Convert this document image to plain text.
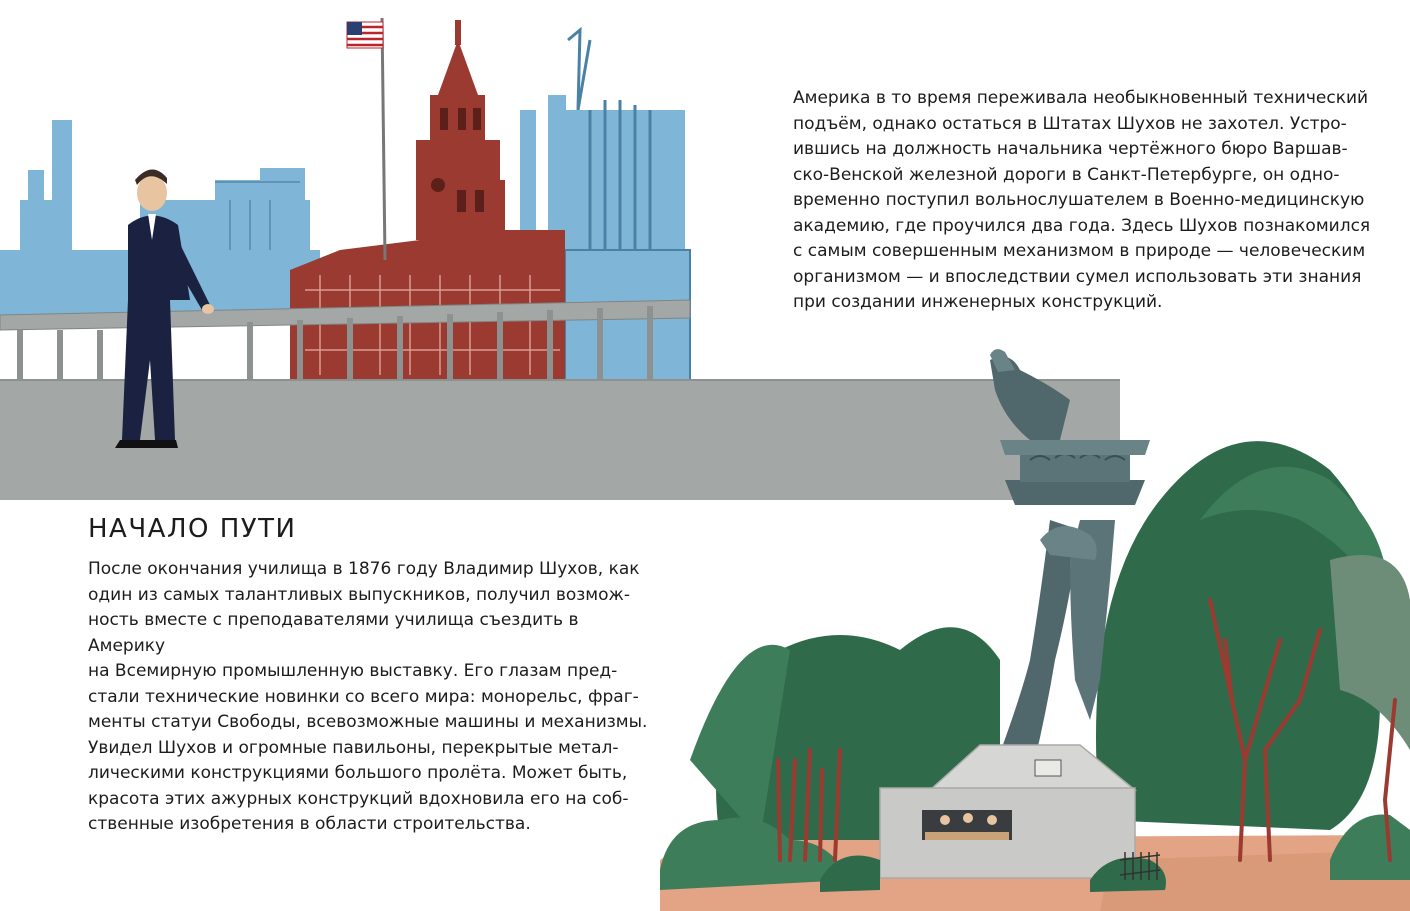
Америка в то время переживала необыкновенный технический
подъём, однако остаться в Штатах Шухов не захотел. Устро-
ившись на должность начальника чертёжного бюро Варшав-
ско-Венской железной дороги в Санкт-Петербурге, он одно-
временно поступил вольнослушателем в Военно-медицинскую
академию, где проучился два года. Здесь Шухов познакомился
с самым совершенным механизмом в природе — человеческим
организмом — и впоследствии сумел использовать эти знания
при создании инженерных конструкций.

НАЧАЛО ПУТИ

После окончания училища в 1876 году Владимир Шухов, как
один из самых талантливых выпускников, получил возмож-
ность вместе с преподавателями училища съездить в Америку
на Всемирную промышленную выставку. Его глазам пред-
стали технические новинки со всего мира: монорельс, фраг-
менты статуи Свободы, всевозможные машины и механизмы.
Увидел Шухов и огромные павильоны, перекрытые метал-
лическими конструкциями большого пролёта. Может быть,
красота этих ажурных конструкций вдохновила его на соб-
ственные изобретения в области строительства.
